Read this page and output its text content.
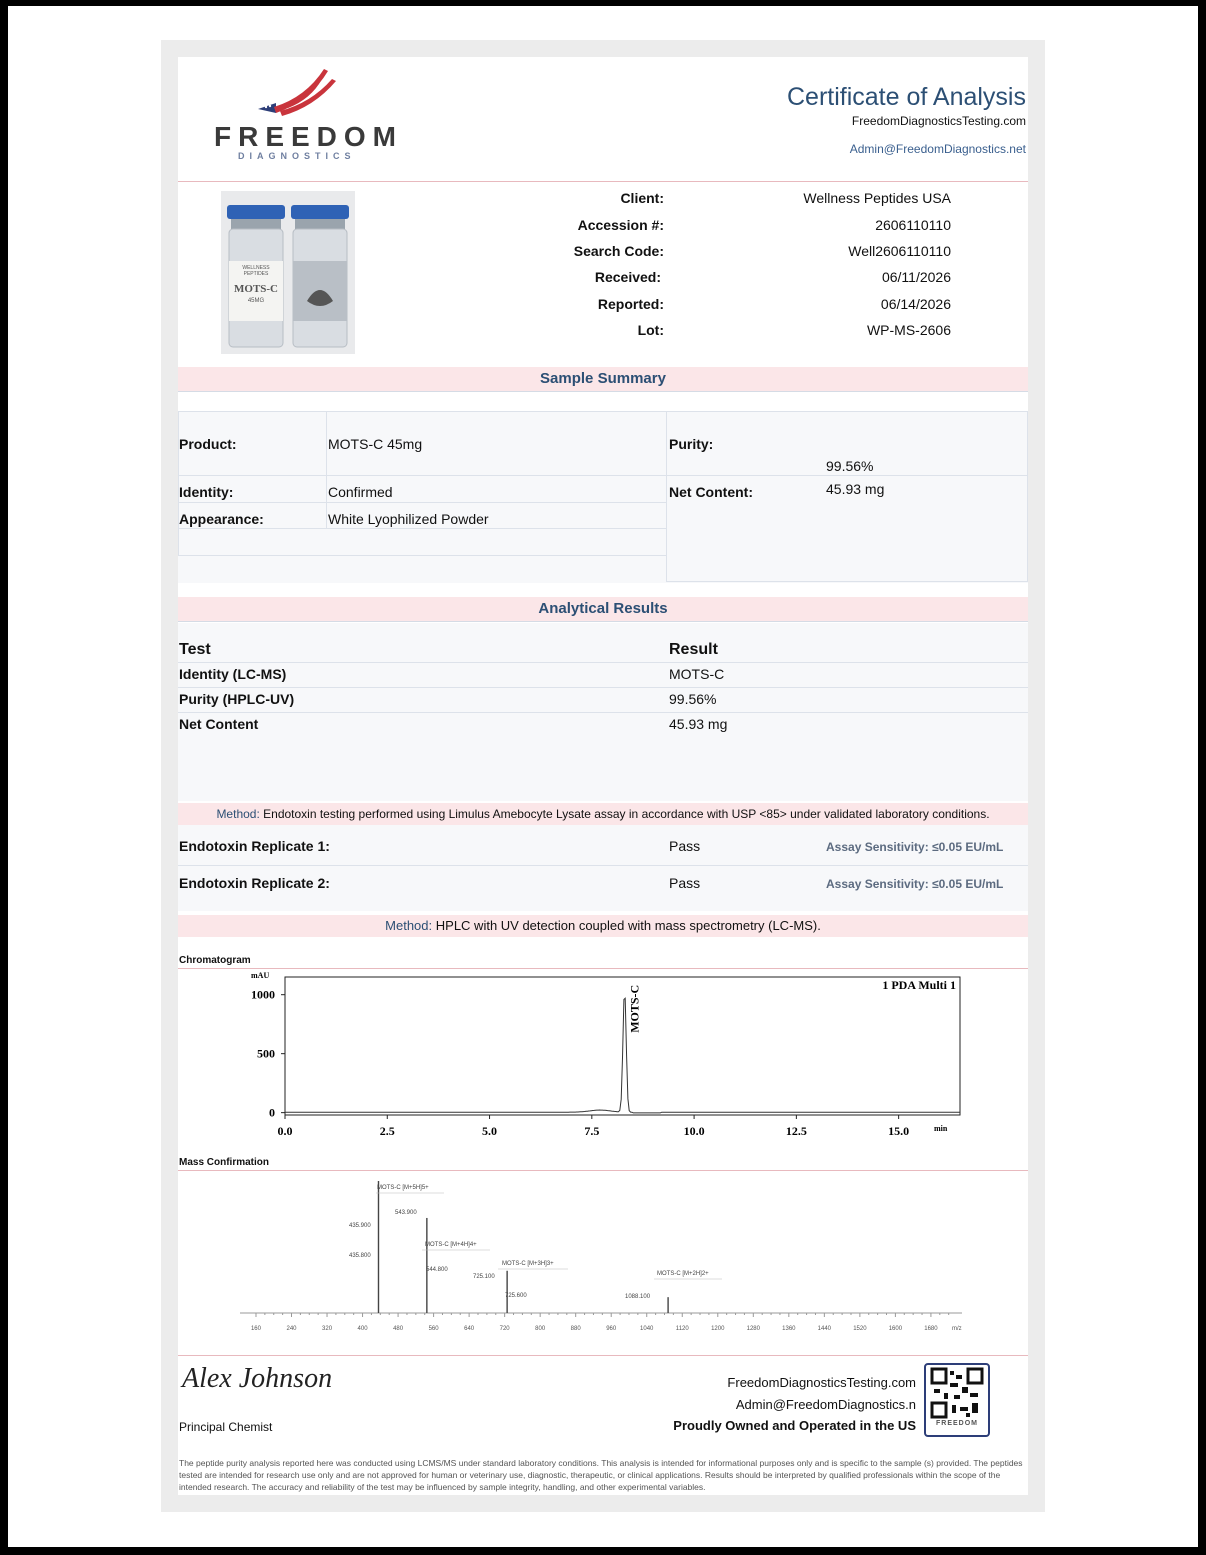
FREEDOM
DIAGNOSTICS
Certificate of Analysis
FreedomDiagnosticsTesting.com
Admin@FreedomDiagnostics.net
WELLNESS PEPTIDES
MOTS-C
45MG
Client:	Wellness Peptides USA
Accession #:	2606110110
Search Code:	Well2606110110
Received:	06/11/2026
Reported:	06/14/2026
Lot:	WP-MS-2606
Sample Summary
Product:	MOTS-C 45mg	Purity:
99.56%
Identity:	Confirmed	Net Content:	45.93 mg
Appearance:	White Lyophilized Powder
Analytical Results
Test	Result
Identity (LC-MS)	MOTS-C
Purity (HPLC-UV)	99.56%
Net Content	45.93 mg
Method: Endotoxin testing performed using Limulus Amebocyte Lysate assay in accordance with USP <85> under validated laboratory conditions.
Endotoxin Replicate 1:	Pass	Assay Sensitivity: ≤0.05 EU/mL
Endotoxin Replicate 2:	Pass	Assay Sensitivity: ≤0.05 EU/mL
Method: HPLC with UV detection coupled with mass spectrometry (LC-MS).
Chromatogram
mAU
min
1 PDA Multi 1
1000
500
0
0.0	2.5	5.0	7.5	10.0	12.5	15.0
MOTS-C
Mass Confirmation
160	240	320	400	480	560	640	720	800	880	960	1040	1120	1200	1280	1360	1440	1520	1600	1680 m/z
MOTS-C [M+5H]5+
543.900
435.900
435.800
MOTS-C [M+4H]4+
544.800
725.100
MOTS-C [M+3H]3+
725.600	1088.100
MOTS-C [M+2H]2+
Alex Johnson
Principal Chemist
FreedomDiagnosticsTesting.com
Admin@FreedomDiagnostics.n
Proudly Owned and Operated in the US	FREEDOM
The peptide purity analysis reported here was conducted using LCMS/MS under standard laboratory conditions. This analysis is intended for informational purposes only and is specific to the sample (s) provided. The peptides tested are intended for research use only and are not approved for human or veterinary use, diagnostic, therapeutic, or clinical applications. Results should be interpreted by qualified professionals within the scope of the intended research. The accuracy and reliability of the test may be influenced by sample integrity, handling, and other experimental variables.
